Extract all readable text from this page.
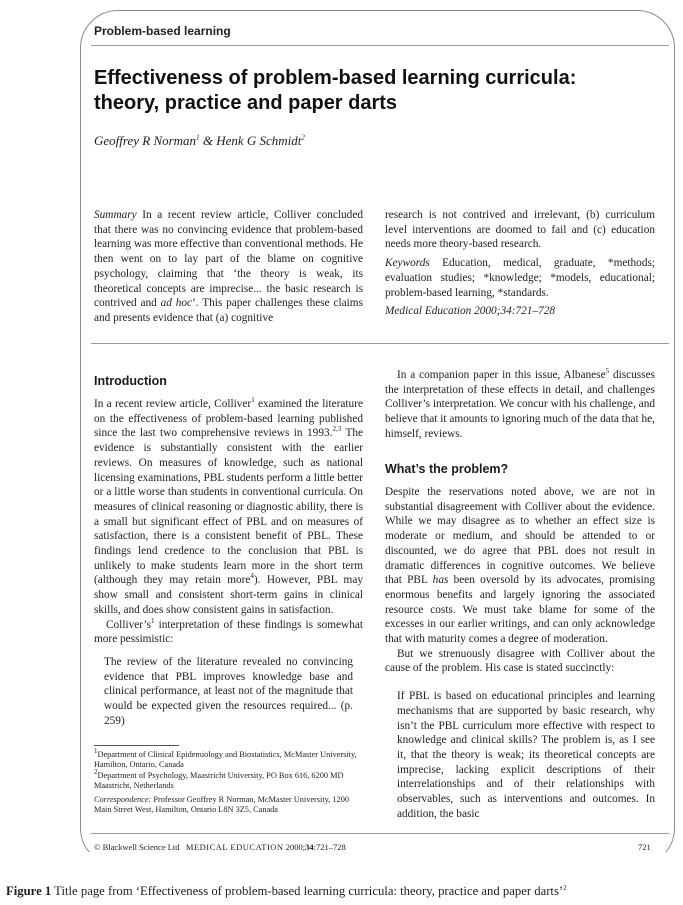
Problem-based learning
Effectiveness of problem-based learning curricula: theory, practice and paper darts
Geoffrey R Norman$^1$ & Henk G Schmidt$^2$

Summary In a recent review article, Colliver concluded that there was no convincing evidence that problem-based learning was more effective than conventional methods. He then went on to lay part of the blame on cognitive psychology, claiming that ‘the theory is weak, its theoretical concepts are imprecise... the basic research is contrived and ad hoc’. This paper challenges these claims and presents evidence that (a) cognitive

research is not contrived and irrelevant, (b) curriculum level interventions are doomed to fail and (c) education needs more theory-based research.

Keywords Education, medical, graduate, *methods; evaluation studies; *knowledge; *models, educational; problem-based learning, *standards.

Medical Education 2000;34:721–728

Introduction

In a recent review article, Colliver$^1$ examined the literature on the effectiveness of problem-based learning published since the last two comprehensive reviews in 1993.$^{2,3}$ The evidence is substantially consistent with the earlier reviews. On measures of knowledge, such as national licensing examinations, PBL students perform a little better or a little worse than students in conventional curricula. On measures of clinical reasoning or diagnostic ability, there is a small but significant effect of PBL and on measures of satisfaction, there is a consistent benefit of PBL. These findings lend credence to the conclusion that PBL is unlikely to make students learn more in the short term (although they may retain more$^4$). However, PBL may show small and consistent short-term gains in clinical skills, and does show consistent gains in satisfaction.

$Colliver’s^1$ interpretation of these findings is somewhat more pessimistic:

The review of the literature revealed no convincing evidence that PBL improves knowledge base and clinical performance, at least not of the magnitude that would be expected given the resources required... (p. 259)

In a companion paper in this issue, Albanese$^5$ discusses the interpretation of these effects in detail, and challenges Colliver’s interpretation. We concur with his challenge, and believe that it amounts to ignoring much of the data that he, himself, reviews.

What’s the problem?

Despite the reservations noted above, we are not in substantial disagreement with Colliver about the evidence. While we may disagree as to whether an effect size is moderate or medium, and should be attended to or discounted, we do agree that PBL does not result in dramatic differences in cognitive outcomes. We believe that PBL has been oversold by its advocates, promising enormous benefits and largely ignoring the associated resource costs. We must take blame for some of the excesses in our earlier writings, and can only acknowledge that with maturity comes a degree of moderation.

But we strenuously disagree with Colliver about the cause of the problem. His case is stated succinctly:

If PBL is based on educational principles and learning mechanisms that are supported by basic research, why isn’t the PBL curriculum more effective with respect to knowledge and clinical skills? The problem is, as I see it, that the theory is weak; its theoretical concepts are imprecise, lacking explicit descriptions of their interrelationships and of their relationships with observables, such as interventions and outcomes. In addition, the basic

$^1$Department of Clinical Epidemiology and Biostatistics, McMaster University, Hamilton, Ontario, Canada

$^2$Department of Psychology, Maastricht University, PO Box 616, 6200 MD Maastricht, Netherlands

Correspondence: Professor Geoffrey R Norman, McMaster University, 1200 Main Street West, Hamilton, Ontario L8N 3Z5, Canada

© Blackwell Science Ltd MEDICAL EDUCATION 2000;34:721–728	721
Figure 1 Title page from ‘Effectiveness of problem-based learning curricula: theory, practice and paper darts’$^2$
